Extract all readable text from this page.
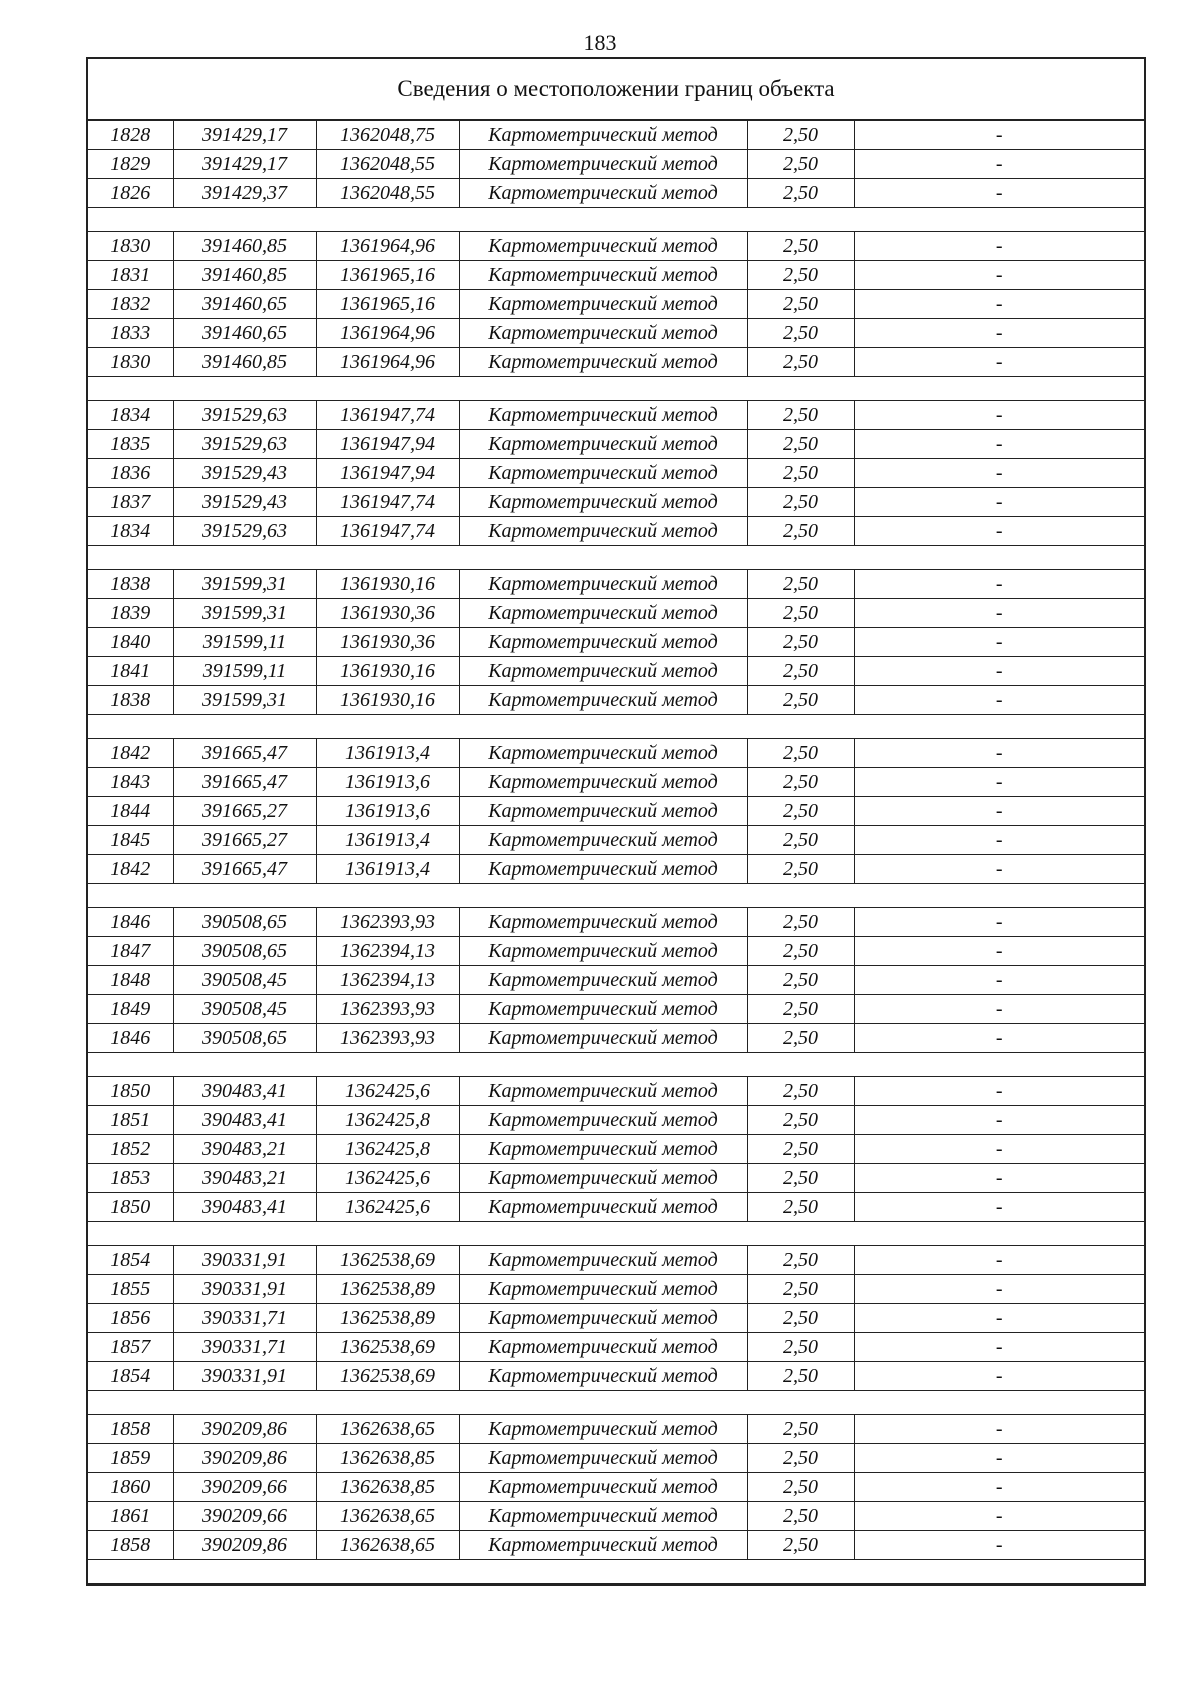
183
Сведения о местоположении границ объекта
1828	391429,17	1362048,75	Картометрический метод	2,50	-
1829	391429,17	1362048,55	Картометрический метод	2,50	-
1826	391429,37	1362048,55	Картометрический метод	2,50	-

1830	391460,85	1361964,96	Картометрический метод	2,50	-
1831	391460,85	1361965,16	Картометрический метод	2,50	-
1832	391460,65	1361965,16	Картометрический метод	2,50	-
1833	391460,65	1361964,96	Картометрический метод	2,50	-
1830	391460,85	1361964,96	Картометрический метод	2,50	-

1834	391529,63	1361947,74	Картометрический метод	2,50	-
1835	391529,63	1361947,94	Картометрический метод	2,50	-
1836	391529,43	1361947,94	Картометрический метод	2,50	-
1837	391529,43	1361947,74	Картометрический метод	2,50	-
1834	391529,63	1361947,74	Картометрический метод	2,50	-

1838	391599,31	1361930,16	Картометрический метод	2,50	-
1839	391599,31	1361930,36	Картометрический метод	2,50	-
1840	391599,11	1361930,36	Картометрический метод	2,50	-
1841	391599,11	1361930,16	Картометрический метод	2,50	-
1838	391599,31	1361930,16	Картометрический метод	2,50	-

1842	391665,47	1361913,4	Картометрический метод	2,50	-
1843	391665,47	1361913,6	Картометрический метод	2,50	-
1844	391665,27	1361913,6	Картометрический метод	2,50	-
1845	391665,27	1361913,4	Картометрический метод	2,50	-
1842	391665,47	1361913,4	Картометрический метод	2,50	-

1846	390508,65	1362393,93	Картометрический метод	2,50	-
1847	390508,65	1362394,13	Картометрический метод	2,50	-
1848	390508,45	1362394,13	Картометрический метод	2,50	-
1849	390508,45	1362393,93	Картометрический метод	2,50	-
1846	390508,65	1362393,93	Картометрический метод	2,50	-

1850	390483,41	1362425,6	Картометрический метод	2,50	-
1851	390483,41	1362425,8	Картометрический метод	2,50	-
1852	390483,21	1362425,8	Картометрический метод	2,50	-
1853	390483,21	1362425,6	Картометрический метод	2,50	-
1850	390483,41	1362425,6	Картометрический метод	2,50	-

1854	390331,91	1362538,69	Картометрический метод	2,50	-
1855	390331,91	1362538,89	Картометрический метод	2,50	-
1856	390331,71	1362538,89	Картометрический метод	2,50	-
1857	390331,71	1362538,69	Картометрический метод	2,50	-
1854	390331,91	1362538,69	Картометрический метод	2,50	-

1858	390209,86	1362638,65	Картометрический метод	2,50	-
1859	390209,86	1362638,85	Картометрический метод	2,50	-
1860	390209,66	1362638,85	Картометрический метод	2,50	-
1861	390209,66	1362638,65	Картометрический метод	2,50	-
1858	390209,86	1362638,65	Картометрический метод	2,50	-
